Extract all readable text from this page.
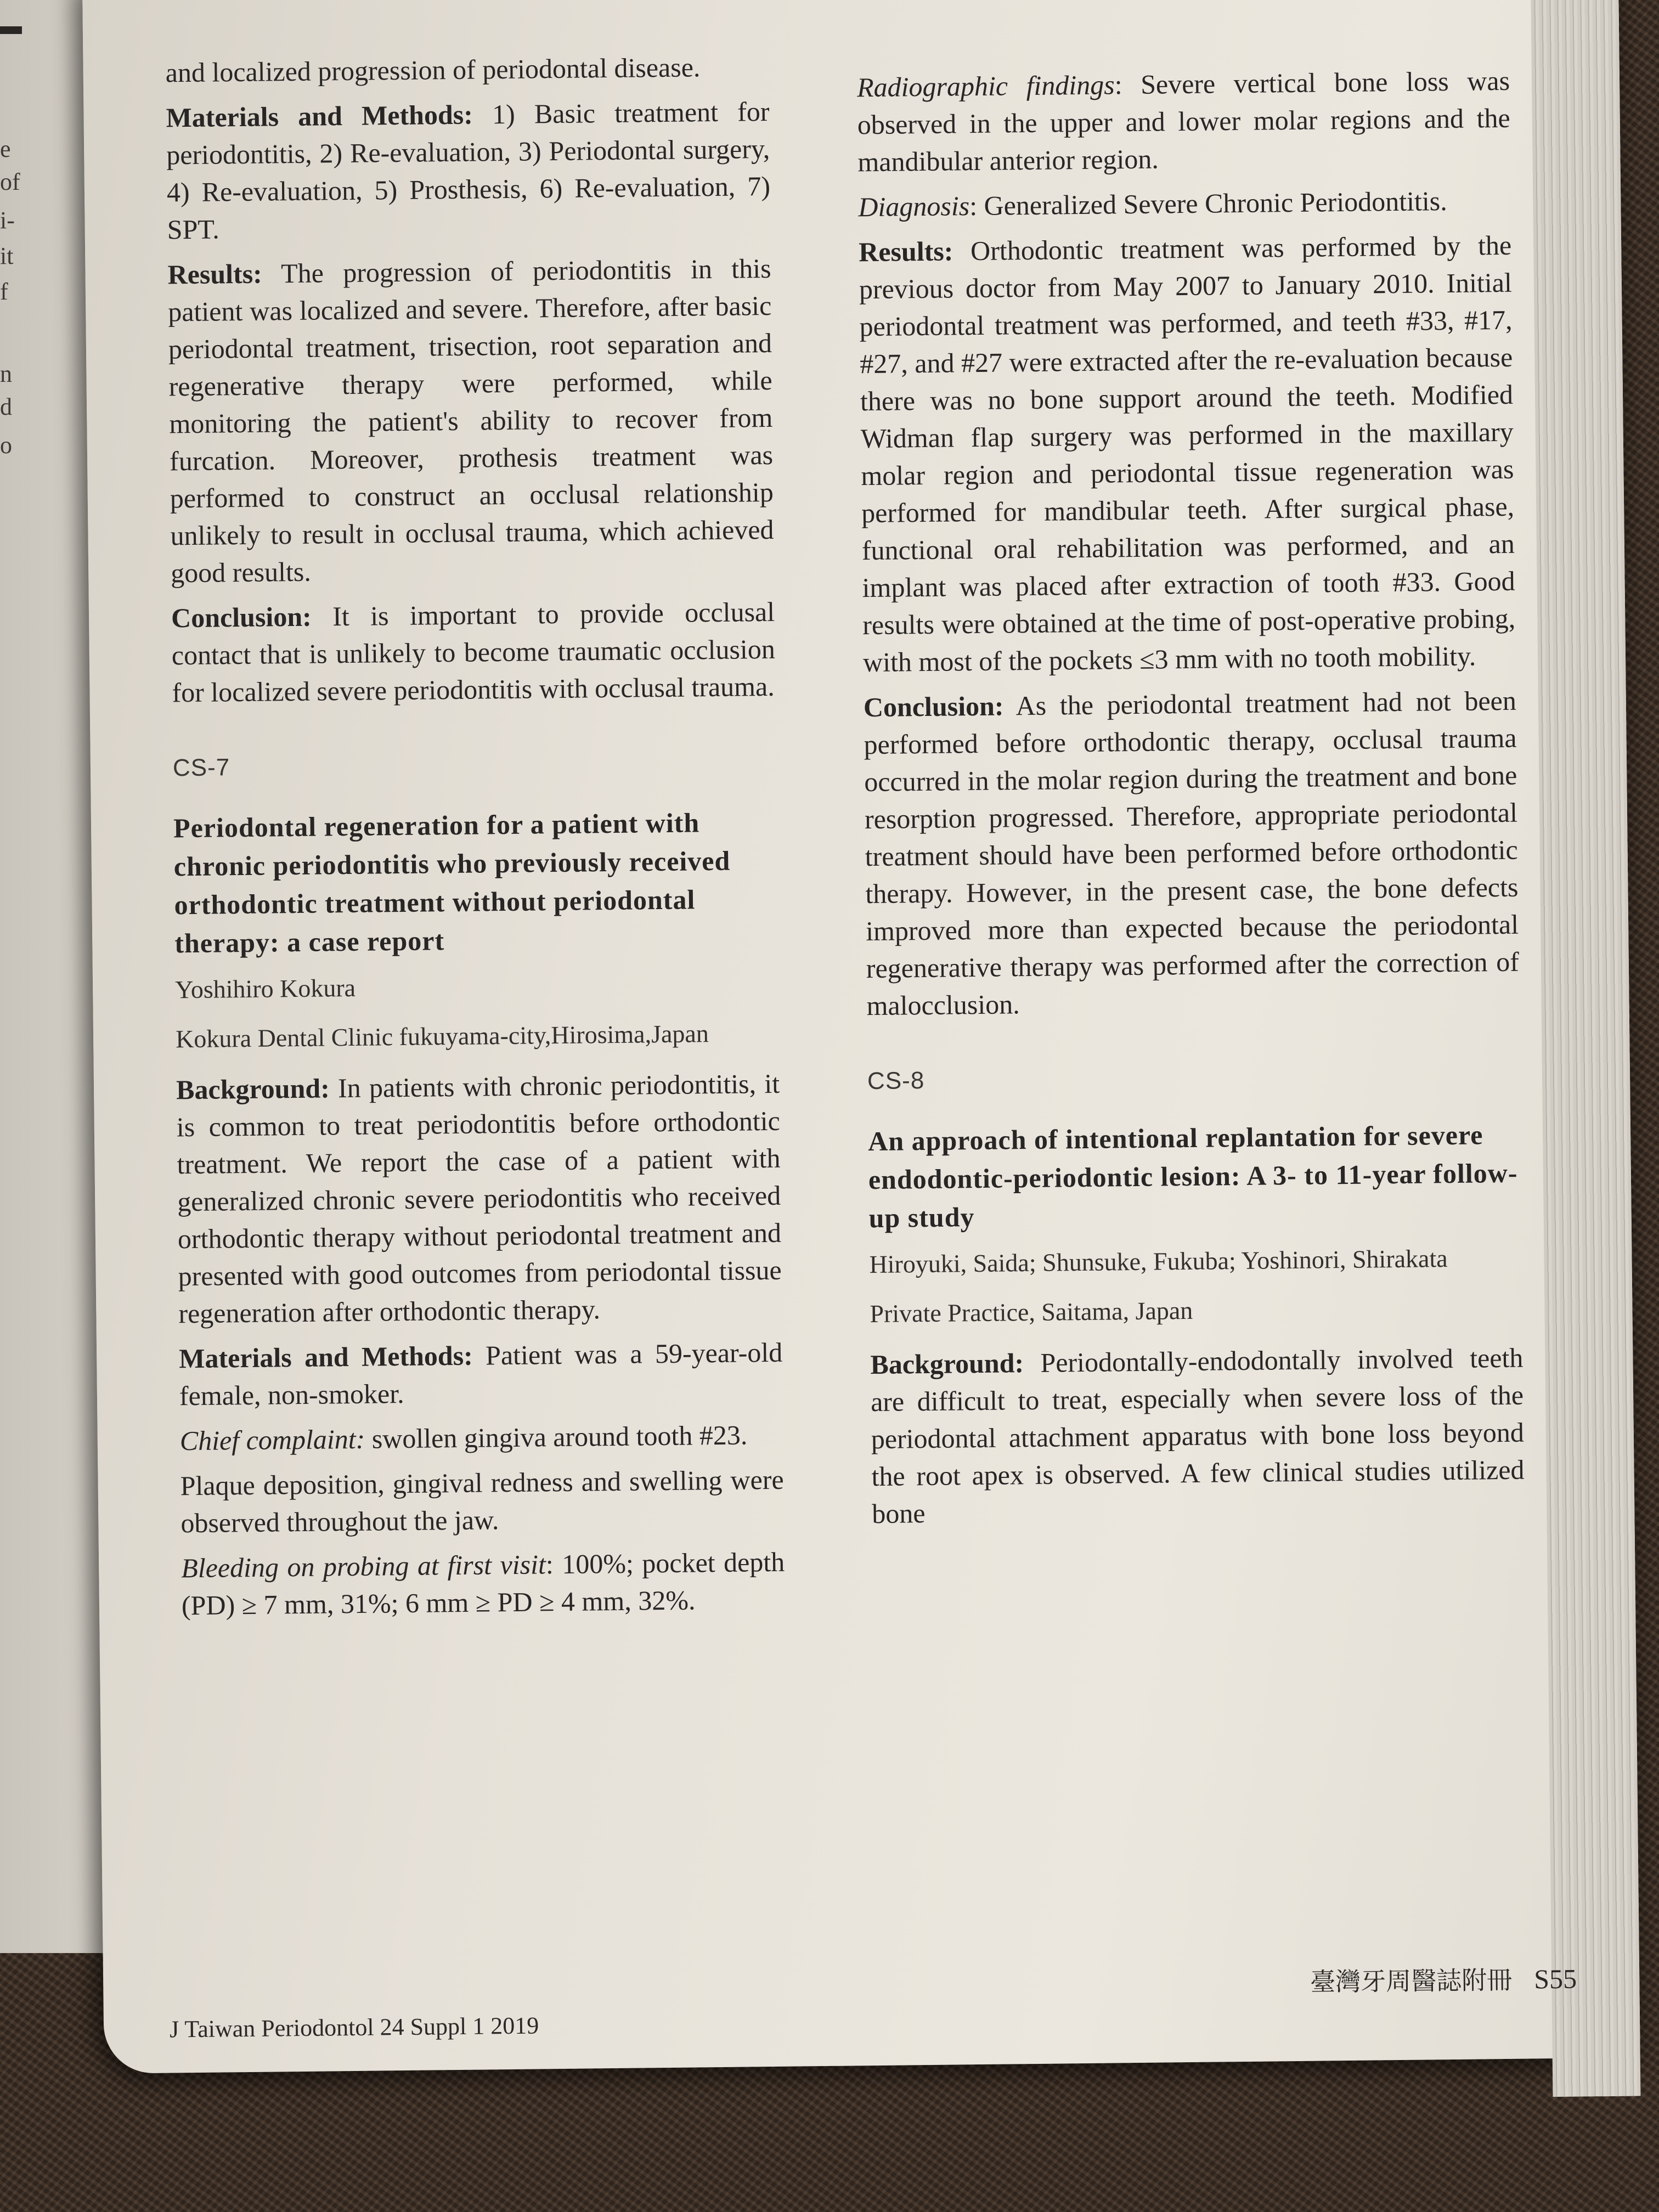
e
of
i-
it
f
n
d
o

and localized progression of periodontal disease.

Materials and Methods: 1) Basic treatment for periodontitis, 2) Re-evaluation, 3) Periodontal surgery, 4) Re-evaluation, 5) Prosthesis, 6) Re-evaluation, 7) SPT.

Results: The progression of periodontitis in this patient was localized and severe. Therefore, after basic periodontal treatment, trisection, root separation and regenerative therapy were performed, while monitoring the patient's ability to recover from furcation. Moreover, prothesis treatment was performed to construct an occlusal relationship unlikely to result in occlusal trauma, which achieved good results.

Conclusion: It is important to provide occlusal contact that is unlikely to become traumatic occlusion for localized severe periodontitis with occlusal trauma.

CS-7
Periodontal regeneration for a patient with chronic periodontitis who previously received orthodontic treatment without periodontal therapy: a case report
Yoshihiro Kokura
Kokura Dental Clinic fukuyama-city,Hirosima,Japan

Background: In patients with chronic periodontitis, it is common to treat periodontitis before orthodontic treatment. We report the case of a patient with generalized chronic severe periodontitis who received orthodontic therapy without periodontal treatment and presented with good outcomes from periodontal tissue regeneration after orthodontic therapy.

Materials and Methods: Patient was a 59-year-old female, non-smoker.

Chief complaint: swollen gingiva around tooth #23.

Plaque deposition, gingival redness and swelling were observed throughout the jaw.

Bleeding on probing at first visit: 100%; pocket depth (PD) ≥ 7 mm, 31%; 6 mm ≥ PD ≥ 4 mm, 32%.

Radiographic findings: Severe vertical bone loss was observed in the upper and lower molar regions and the mandibular anterior region.

Diagnosis: Generalized Severe Chronic Periodontitis.

Results: Orthodontic treatment was performed by the previous doctor from May 2007 to January 2010. Initial periodontal treatment was performed, and teeth #33, #17, #27, and #27 were extracted after the re-evaluation because there was no bone support around the teeth. Modified Widman flap surgery was performed in the maxillary molar region and periodontal tissue regeneration was performed for mandibular teeth. After surgical phase, functional oral rehabilitation was performed, and an implant was placed after extraction of tooth #33. Good results were obtained at the time of post-operative probing, with most of the pockets ≤3 mm with no tooth mobility.

Conclusion: As the periodontal treatment had not been performed before orthodontic therapy, occlusal trauma occurred in the molar region during the treatment and bone resorption progressed. Therefore, appropriate periodontal treatment should have been performed before orthodontic therapy. However, in the present case, the bone defects improved more than expected because the periodontal regenerative therapy was performed after the correction of malocclusion.

CS-8
An approach of intentional replantation for severe endodontic-periodontic lesion: A 3- to 11-year follow-up study
Hiroyuki, Saida; Shunsuke, Fukuba; Yoshinori, Shirakata
Private Practice, Saitama, Japan

Background: Periodontally-endodontally involved teeth are difficult to treat, especially when severe loss of the periodontal attachment apparatus with bone loss beyond the root apex is observed. A few clinical studies utilized bone

J Taiwan Periodontol 24 Suppl 1 2019
臺灣牙周醫誌附冊 S55
